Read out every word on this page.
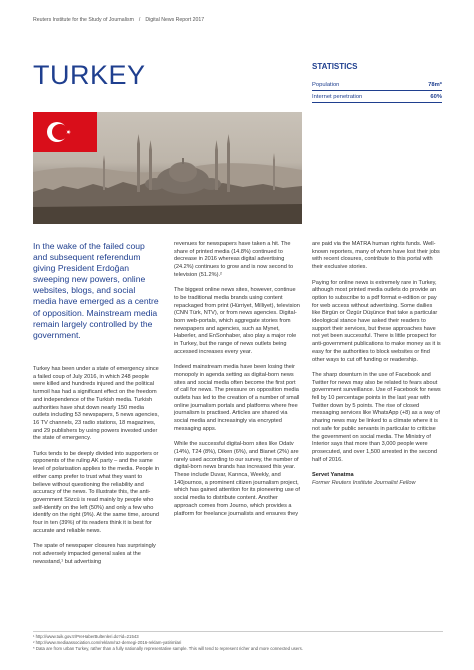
Reuters Institute for the Study of Journalism / Digital News Report 2017
TURKEY	STATISTICS
Population	78m*
Internet penetration	60%
In the wake of the failed coup and subsequent referendum giving President Erdoğan sweeping new powers, online websites, blogs, and social media have emerged as a centre of opposition. Mainstream media remain largely controlled by the government.

Turkey has been under a state of emergency since a failed coup of July 2016, in which 248 people were killed and hundreds injured and the political turmoil has had a significant effect on the freedom and independence of the Turkish media. Turkish authorities have shut down nearly 150 media outlets including 53 newspapers, 5 news agencies, 16 TV channels, 23 radio stations, 18 magazines, and 29 publishers by using powers invested under the state of emergency.

Turks tends to be deeply divided into supporters or opponents of the ruling AK party – and the same level of polarisation applies to the media. People in either camp prefer to trust what they want to believe without questioning the reliability and accuracy of the news. To illustrate this, the anti-government Sözcü is read mainly by people who self-identify on the left (50%) and only a few who identify on the right (9%). At the same time, around four in ten (39%) of its readers think it is best for accurate and reliable news.

The spate of newspaper closures has surprisingly not adversely impacted general sales at the newsstand,¹ but advertising

revenues for newspapers have taken a hit. The share of printed media (14.8%) continued to decrease in 2016 whereas digital advertising (24.2%) continues to grow and is now second to television (51.2%).²

The biggest online news sites, however, continue to be traditional media brands using content repackaged from print (Hürriyet, Milliyet), television (CNN Türk, NTV), or from news agencies. Digital-born web-portals, which aggregate stories from newspapers and agencies, such as Mynet, Haberler, and EnSonhaber, also play a major role in Turkey, but the range of news outlets being accessed increases every year.

Indeed mainstream media have been losing their monopoly in agenda setting as digital-born news sites and social media often become the first port of call for news. The pressure on opposition media outlets has led to the creation of a number of small online journalism portals and platforms where free journalism is practised. Articles are shared via social media and increasingly via encrypted messaging apps.

While the successful digital-born sites like Odatv (14%), T24 (8%), Diken (6%), and Bianet (2%) are rarely used according to our survey, the number of digital-born news brands has increased this year. These include Duvar, Karınca, Weekly, and 140journos, a prominent citizen journalism project, which has gained attention for its pioneering use of social media to distribute content. Another approach comes from Journo, which provides a platform for freelance journalists and ensures they

are paid via the MATRA human rights funds. Well-known reporters, many of whom have lost their jobs with recent closures, contribute to this portal with their exclusive stories.

Paying for online news is extremely rare in Turkey, although most printed media outlets do provide an option to subscribe to a pdf format e-edition or pay for web access without advertising. Some dailies like Birgün or Özgür Düşünce that take a particular ideological stance have asked their readers to support their services, but these approaches have not yet been successful. There is little prospect for anti-government publications to make money as it is easy for the authorities to block websites or find other ways to cut off funding or readership.

The sharp downturn in the use of Facebook and Twitter for news may also be related to fears about government surveillance. Use of Facebook for news fell by 10 percentage points in the last year with Twitter down by 5 points. The rise of closed messaging services like WhatsApp (+8) as a way of sharing news may be linked to a climate where it is not safe for public servants in particular to criticise the government on social media. The Ministry of Interior says that more than 3,000 people were prosecuted, and over 1,500 arrested in the second half of 2016.

Servet Yanatma

Former Reuters Institute Journalist Fellow

¹ http://www.tuik.gov.tr/PreHaberBultenleri.do?id=21543
² http://www.mediaassociation.com/reklam/raz-dernegi-2016-reklam-yatirimlari
* Data are from urban Turkey, rather than a fully nationally representative sample. This will tend to represent richer and more connected users.
